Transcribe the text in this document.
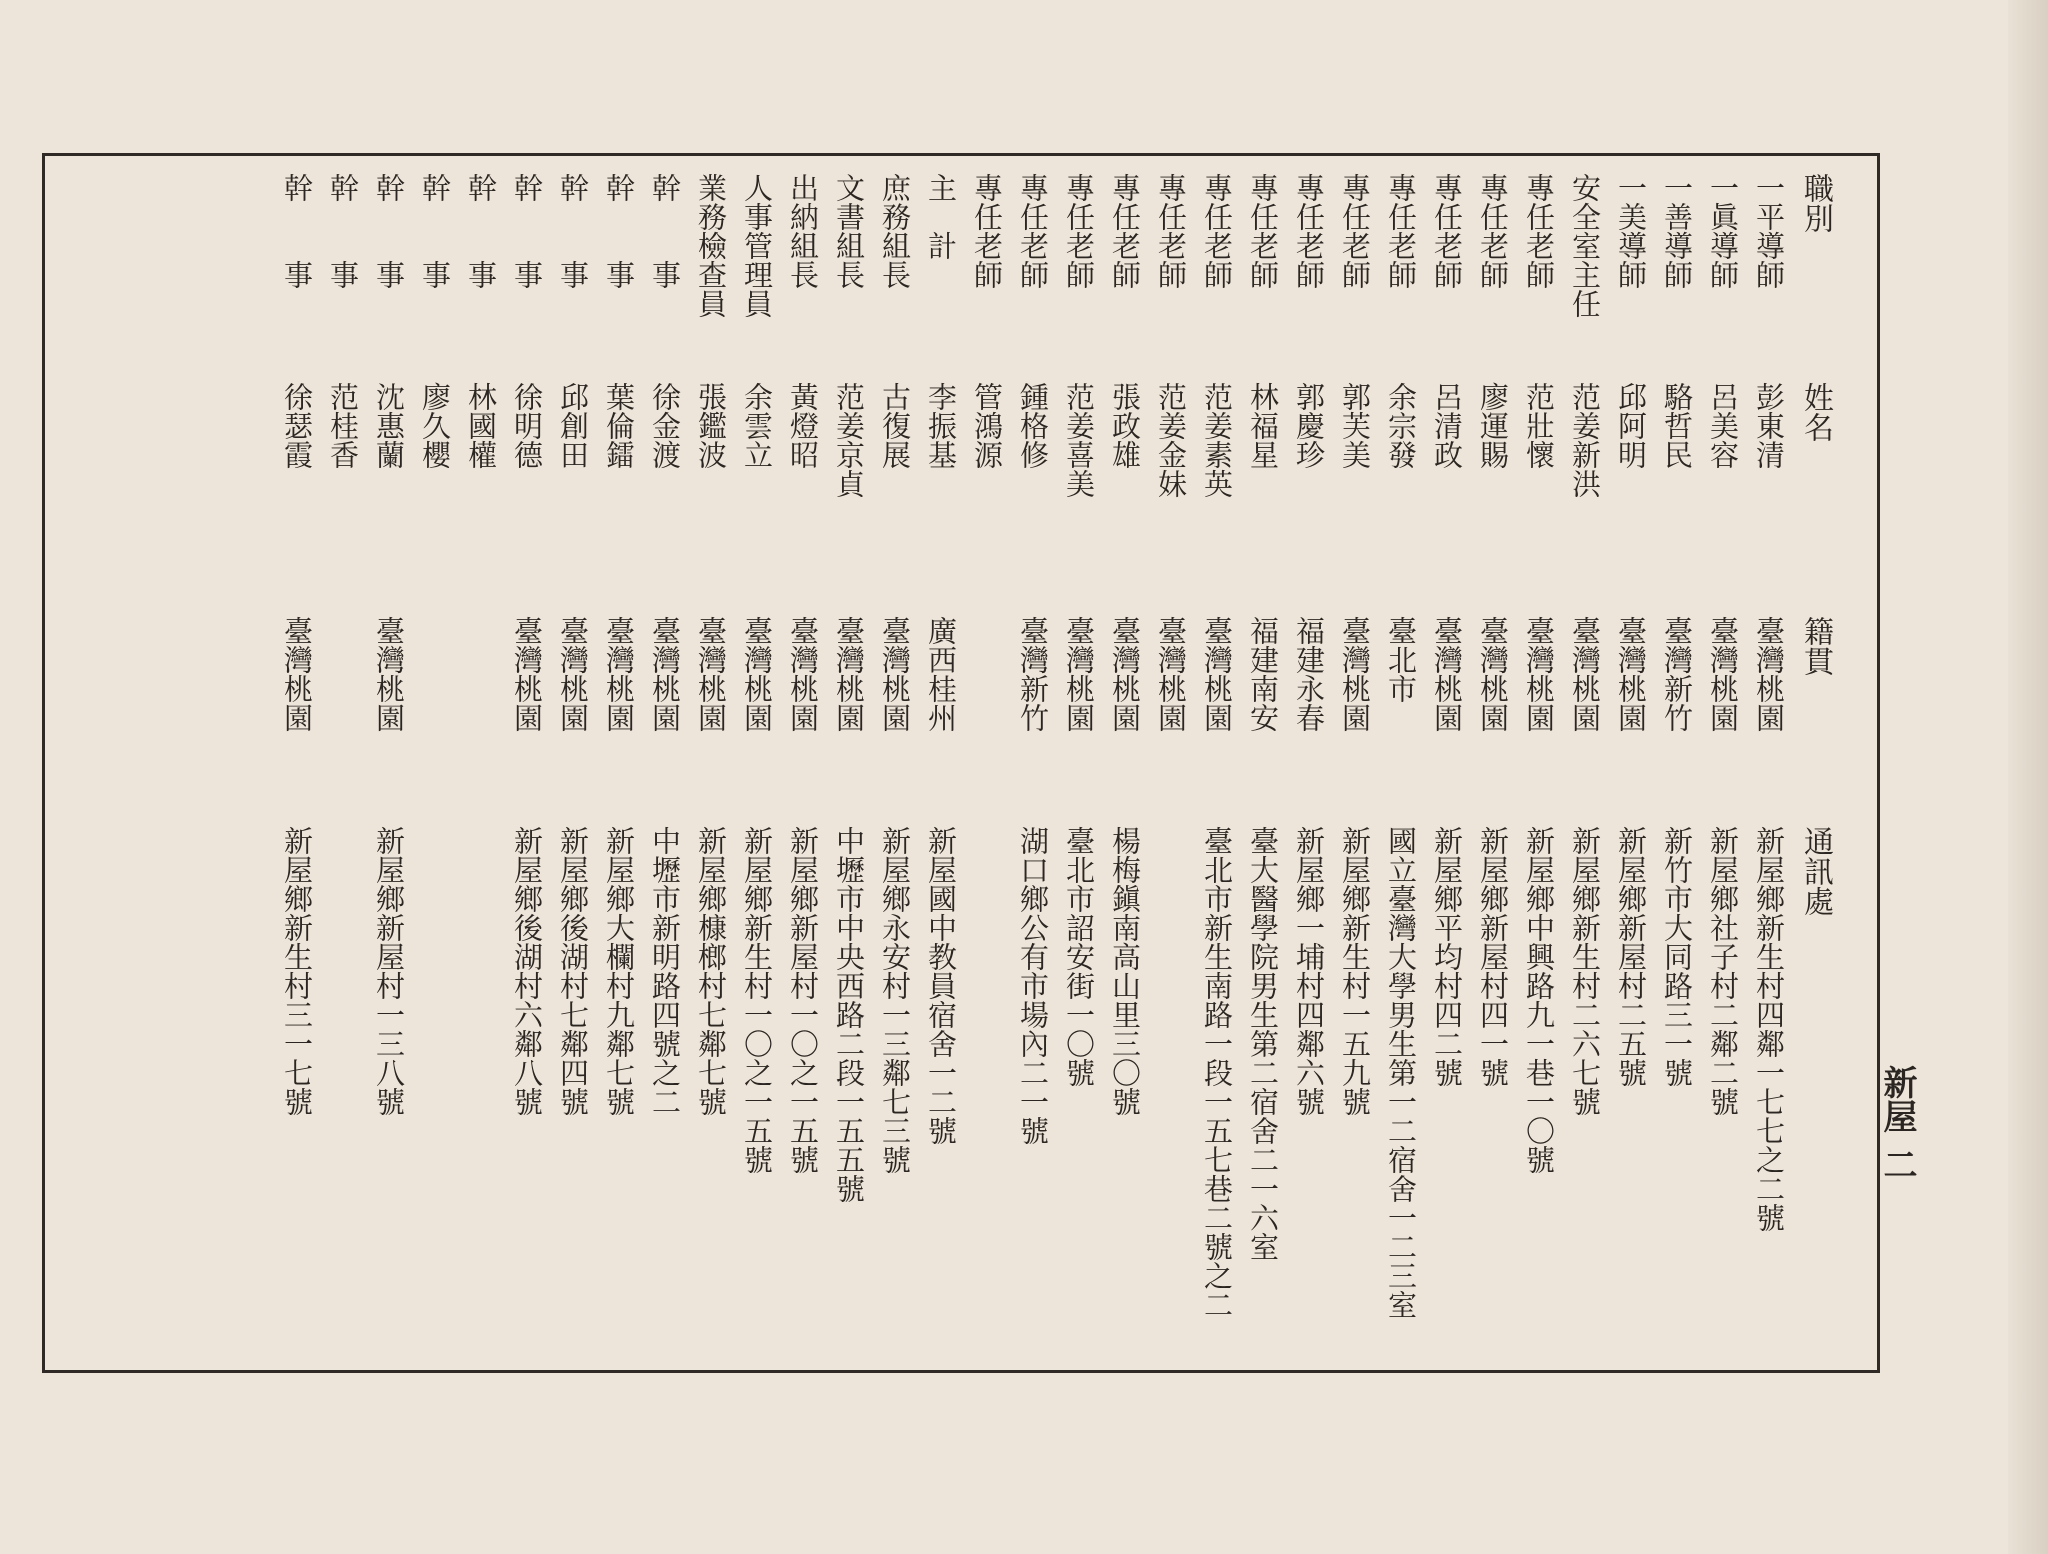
新屋二
職別
姓名
籍貫
通訊處
一平導師
彭東清
臺灣桃園
新屋鄉新生村四鄰一七七之二號
一眞導師
呂美容
臺灣桃園
新屋鄉社子村二鄰二號
一善導師
駱哲民
臺灣新竹
新竹市大同路三一號
一美導師
邱阿明
臺灣桃園
新屋鄉新屋村二五號
安全室主任
范姜新洪
臺灣桃園
新屋鄉新生村二六七號
專任老師
范壯懷
臺灣桃園
新屋鄉中興路九一巷一〇號
專任老師
廖運賜
臺灣桃園
新屋鄉新屋村四一號
專任老師
呂清政
臺灣桃園
新屋鄉平均村四二號
專任老師
余宗發
臺北市
國立臺灣大學男生第一二宿舍一二三室
專任老師
郭芙美
臺灣桃園
新屋鄉新生村一五九號
專任老師
郭慶珍
福建永春
新屋鄉一埔村四鄰六號
專任老師
林福星
福建南安
臺大醫學院男生第二宿舍二一六室
專任老師
范姜素英
臺灣桃園
臺北市新生南路一段一五七巷二號之二
專任老師
范姜金妹
臺灣桃園
專任老師
張政雄
臺灣桃園
楊梅鎭南高山里三〇號
專任老師
范姜喜美
臺灣桃園
臺北市詔安街一〇號
專任老師
鍾格修
臺灣新竹
湖口鄉公有市場內二一號
專任老師
管鴻源
主　計
李振基
廣西桂州
新屋國中教員宿舍一二號
庶務組長
古復展
臺灣桃園
新屋鄉永安村一三鄰七三號
文書組長
范姜京貞
臺灣桃園
中壢市中央西路二段一五五號
出納組長
黃燈昭
臺灣桃園
新屋鄉新屋村一〇之一五號
人事管理員
余雲立
臺灣桃園
新屋鄉新生村一〇之一五號
業務檢查員
張鑑波
臺灣桃園
新屋鄉槺榔村七鄰七號
幹　　事
徐金渡
臺灣桃園
中壢市新明路四號之二
幹　　事
葉倫鐳
臺灣桃園
新屋鄉大欄村九鄰七號
幹　　事
邱創田
臺灣桃園
新屋鄉後湖村七鄰四號
幹　　事
徐明德
臺灣桃園
新屋鄉後湖村六鄰八號
幹　　事
林國權
幹　　事
廖久櫻
幹　　事
沈惠蘭
臺灣桃園
新屋鄉新屋村一三八號
幹　　事
范桂香
幹　　事
徐瑟霞
臺灣桃園
新屋鄉新生村三一七號
